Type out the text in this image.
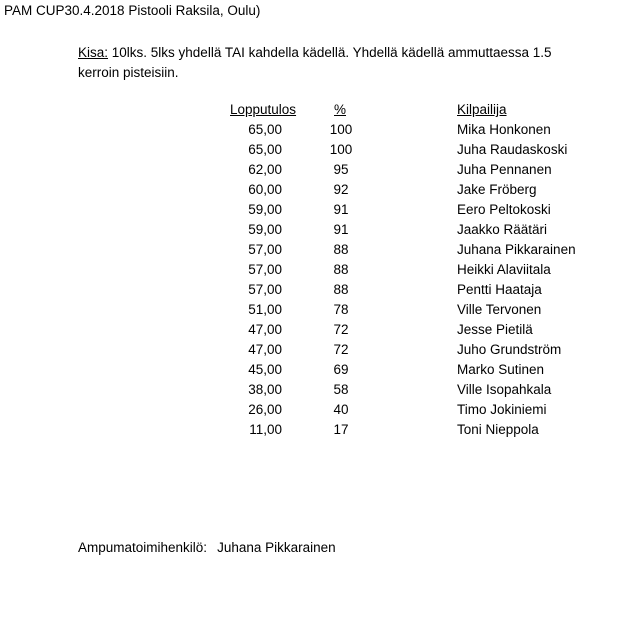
PAM CUP30.4.2018 Pistooli Raksila, Oulu)
Kisa: 10lks. 5lks yhdellä TAI kahdella kädellä. Yhdellä kädellä ammuttaessa 1.5 kerroin pisteisiin.
Lopputulos	%	Kilpailija
65,00	100	Mika Honkonen
65,00	100	Juha Raudaskoski
62,00	95	Juha Pennanen
60,00	92	Jake Fröberg
59,00	91	Eero Peltokoski
59,00	91	Jaakko Räätäri
57,00	88	Juhana Pikkarainen
57,00	88	Heikki Alaviitala
57,00	88	Pentti Haataja
51,00	78	Ville Tervonen
47,00	72	Jesse Pietilä
47,00	72	Juho Grundström
45,00	69	Marko Sutinen
38,00	58	Ville Isopahkala
26,00	40	Timo Jokiniemi
11,00	17	Toni Nieppola
Ampumatoimihenkilö: Juhana Pikkarainen
